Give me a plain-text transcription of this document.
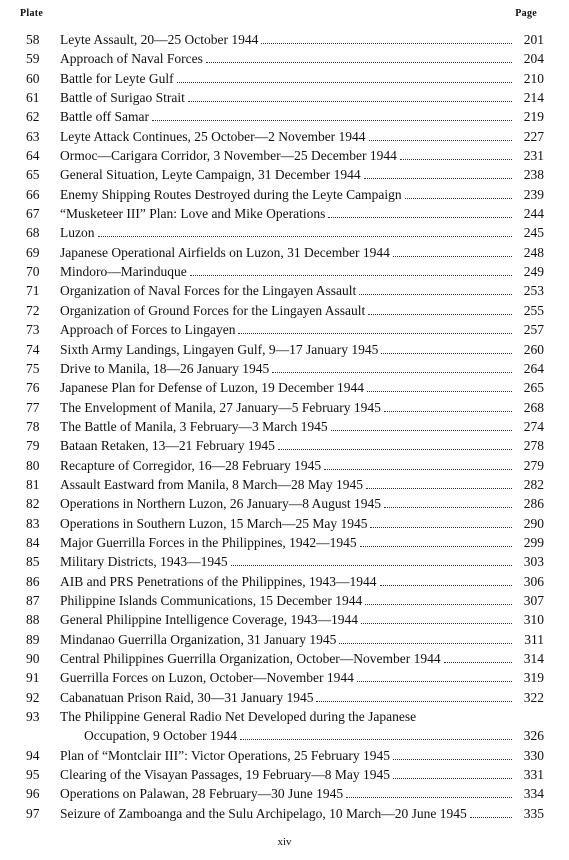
Plate	Page
58	Leyte Assault, 20—25 October 1944	201
59	Approach of Naval Forces	204
60	Battle for Leyte Gulf	210
61	Battle of Surigao Strait	214
62	Battle off Samar	219
63	Leyte Attack Continues, 25 October—2 November 1944	227
64	Ormoc—Carigara Corridor, 3 November—25 December 1944	231
65	General Situation, Leyte Campaign, 31 December 1944	238
66	Enemy Shipping Routes Destroyed during the Leyte Campaign	239
67	“Musketeer III” Plan: Love and Mike Operations	244
68	Luzon	245
69	Japanese Operational Airfields on Luzon, 31 December 1944	248
70	Mindoro—Marinduque	249
71	Organization of Naval Forces for the Lingayen Assault	253
72	Organization of Ground Forces for the Lingayen Assault	255
73	Approach of Forces to Lingayen	257
74	Sixth Army Landings, Lingayen Gulf, 9—17 January 1945	260
75	Drive to Manila, 18—26 January 1945	264
76	Japanese Plan for Defense of Luzon, 19 December 1944	265
77	The Envelopment of Manila, 27 January—5 February 1945	268
78	The Battle of Manila, 3 February—3 March 1945	274
79	Bataan Retaken, 13—21 February 1945	278
80	Recapture of Corregidor, 16—28 February 1945	279
81	Assault Eastward from Manila, 8 March—28 May 1945	282
82	Operations in Northern Luzon, 26 January—8 August 1945	286
83	Operations in Southern Luzon, 15 March—25 May 1945	290
84	Major Guerrilla Forces in the Philippines, 1942—1945	299
85	Military Districts, 1943—1945	303
86	AIB and PRS Penetrations of the Philippines, 1943—1944	306
87	Philippine Islands Communications, 15 December 1944	307
88	General Philippine Intelligence Coverage, 1943—1944	310
89	Mindanao Guerrilla Organization, 31 January 1945	311
90	Central Philippines Guerrilla Organization, October—November 1944	314
91	Guerrilla Forces on Luzon, October—November 1944	319
92	Cabanatuan Prison Raid, 30—31 January 1945	322
93	The Philippine General Radio Net Developed during the Japanese
Occupation, 9 October 1944	326
94	Plan of “Montclair III”: Victor Operations, 25 February 1945	330
95	Clearing of the Visayan Passages, 19 February—8 May 1945	331
96	Operations on Palawan, 28 February—30 June 1945	334
97	Seizure of Zamboanga and the Sulu Archipelago, 10 March—20 June 1945	335
xiv
